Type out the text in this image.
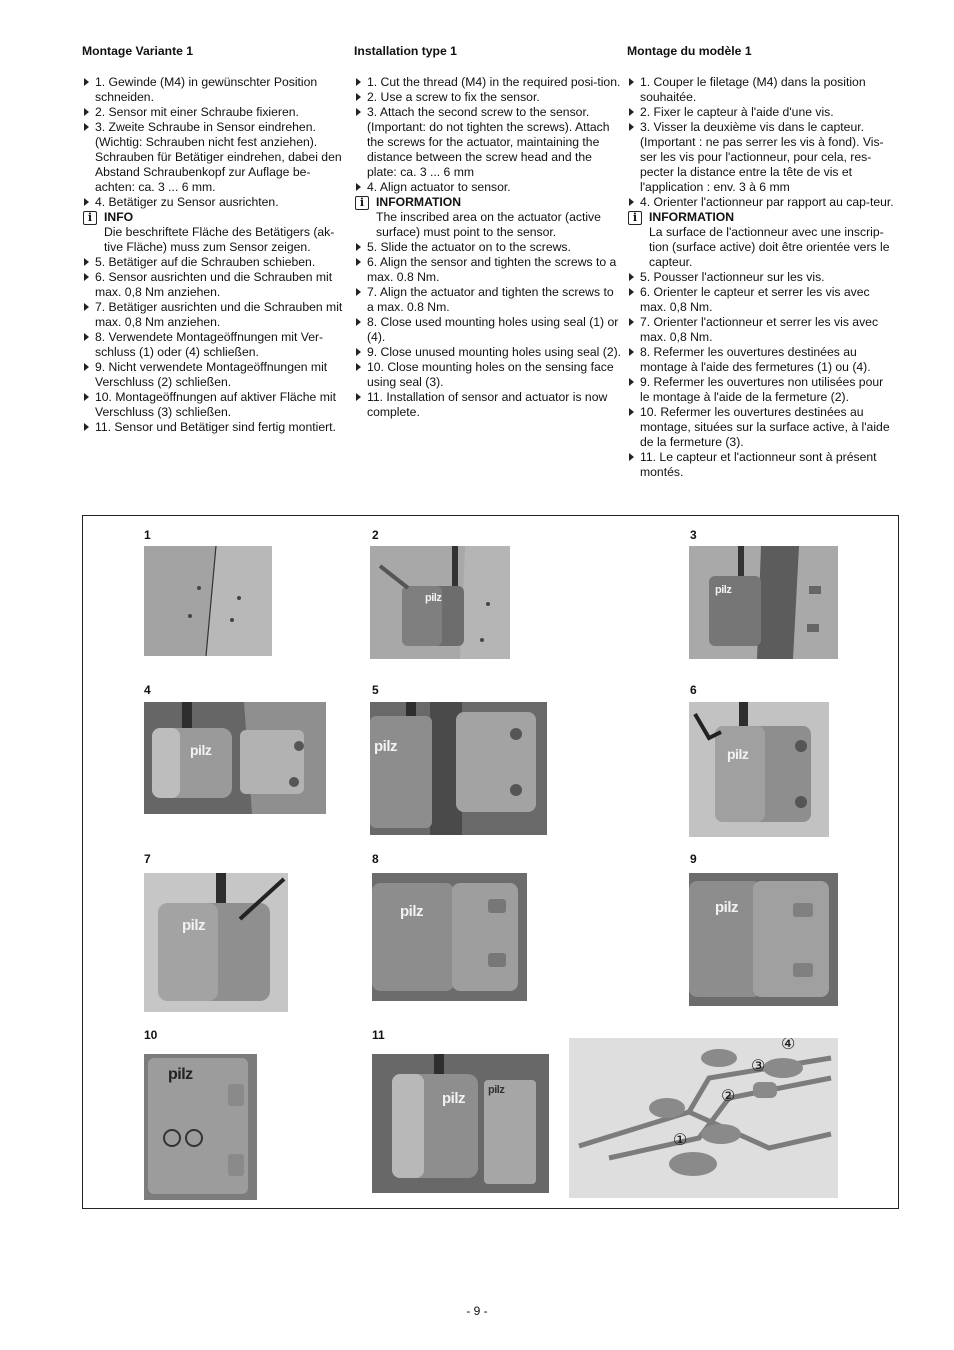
Montage Variante 1
1. Gewinde (M4) in gewünschter Position schneiden.
2. Sensor mit einer Schraube fixieren.
3. Zweite Schraube in Sensor eindrehen. (Wichtig: Schrauben nicht fest anziehen). Schrauben für Betätiger eindrehen, dabei den Abstand Schraubenkopf zur Auflage be-achten: ca. 3 ... 6 mm.
4. Betätiger zu Sensor ausrichten.
i INFO
Die beschriftete Fläche des Betätigers (ak-tive Fläche) muss zum Sensor zeigen.
5. Betätiger auf die Schrauben schieben.
6. Sensor ausrichten und die Schrauben mit max. 0,8 Nm anziehen.
7. Betätiger ausrichten und die Schrauben mit max. 0,8 Nm anziehen.
8. Verwendete Montageöffnungen mit Ver-schluss (1) oder (4) schließen.
9. Nicht verwendete Montageöffnungen mit Verschluss (2) schließen.
10. Montageöffnungen auf aktiver Fläche mit Verschluss (3) schließen.
11. Sensor und Betätiger sind fertig montiert.
Installation type 1
1. Cut the thread (M4) in the required posi-tion.
2. Use a screw to fix the sensor.
3. Attach the second screw to the sensor. (Important: do not tighten the screws). Attach the screws for the actuator, maintaining the distance between the screw head and the plate: ca. 3 ... 6 mm
4. Align actuator to sensor.
i INFORMATION
The inscribed area on the actuator (active surface) must point to the sensor.
5. Slide the actuator on to the screws.
6. Align the sensor and tighten the screws to a max. 0.8 Nm.
7. Align the actuator and tighten the screws to a max. 0.8 Nm.
8. Close used mounting holes using seal (1) or (4).
9. Close unused mounting holes using seal (2).
10. Close mounting holes on the sensing face using seal (3).
11. Installation of sensor and actuator is now complete.
Montage du modèle 1
1. Couper le filetage (M4) dans la position souhaitée.
2. Fixer le capteur à l'aide d'une vis.
3. Visser la deuxième vis dans le capteur. (Important : ne pas serrer les vis à fond). Vis-ser les vis pour l'actionneur, pour cela, res-pecter la distance entre la tête de vis et l'application : env. 3 à 6 mm
4. Orienter l'actionneur par rapport au cap-teur.
i INFORMATION
La surface de l'actionneur avec une inscrip-tion (surface active) doit être orientée vers le capteur.
5. Pousser l'actionneur sur les vis.
6. Orienter le capteur et serrer les vis avec max. 0,8 Nm.
7. Orienter l'actionneur et serrer les vis avec max. 0,8 Nm.
8. Refermer les ouvertures destinées au montage à l'aide des fermetures (1) ou (4).
9. Refermer les ouvertures non utilisées pour le montage à l'aide de la fermeture (2).
10. Refermer les ouvertures destinées au montage, situées sur la surface active, à l'aide de la fermeture (3).
11. Le capteur et l'actionneur sont à présent montés.
1	2
pilz
3
pilz
4
pilz
5
pilz
6
pilz
7
pilz
8
pilz
9
pilz
10
pilz
11
pilz pilz
④
③
②
①
- 9 -
